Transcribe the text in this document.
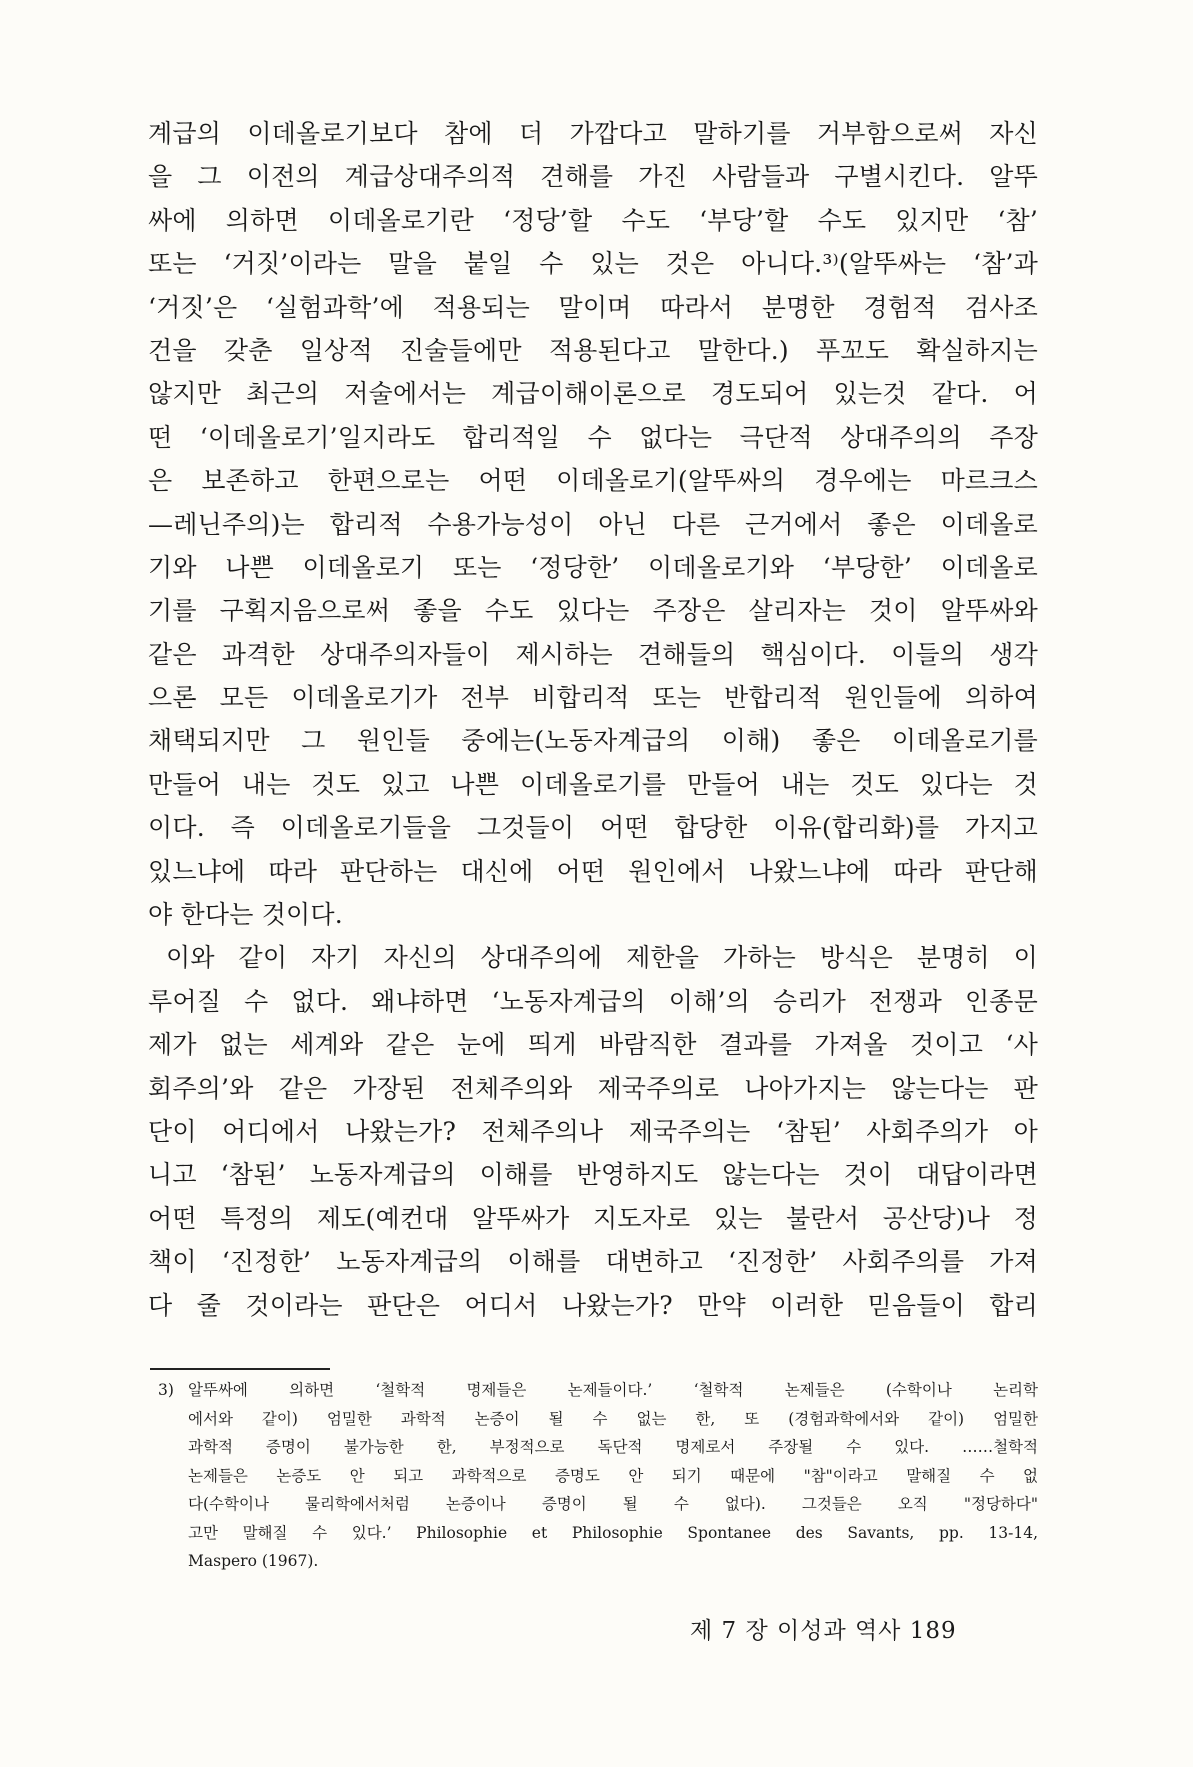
계급의 이데올로기보다 참에 더 가깝다고 말하기를 거부함으로써 자신
을 그 이전의 계급상대주의적 견해를 가진 사람들과 구별시킨다. 알뚜
싸에 의하면 이데올로기란 ‘정당’할 수도 ‘부당’할 수도 있지만 ‘참’
또는 ‘거짓’이라는 말을 붙일 수 있는 것은 아니다.³⁾(알뚜싸는 ‘참’과
‘거짓’은 ‘실험과학’에 적용되는 말이며 따라서 분명한 경험적 검사조
건을 갖춘 일상적 진술들에만 적용된다고 말한다.) 푸꼬도 확실하지는
않지만 최근의 저술에서는 계급이해이론으로 경도되어 있는것 같다. 어
떤 ‘이데올로기’일지라도 합리적일 수 없다는 극단적 상대주의의 주장
은 보존하고 한편으로는 어떤 이데올로기(알뚜싸의 경우에는 마르크스
—레닌주의)는 합리적 수용가능성이 아닌 다른 근거에서 좋은 이데올로
기와 나쁜 이데올로기 또는 ‘정당한’ 이데올로기와 ‘부당한’ 이데올로
기를 구획지음으로써 좋을 수도 있다는 주장은 살리자는 것이 알뚜싸와
같은 과격한 상대주의자들이 제시하는 견해들의 핵심이다. 이들의 생각
으론 모든 이데올로기가 전부 비합리적 또는 반합리적 원인들에 의하여
채택되지만 그 원인들 중에는(노동자계급의 이해) 좋은 이데올로기를
만들어 내는 것도 있고 나쁜 이데올로기를 만들어 내는 것도 있다는 것
이다. 즉 이데올로기들을 그것들이 어떤 합당한 이유(합리화)를 가지고
있느냐에 따라 판단하는 대신에 어떤 원인에서 나왔느냐에 따라 판단해
야 한다는 것이다.
이와 같이 자기 자신의 상대주의에 제한을 가하는 방식은 분명히 이
루어질 수 없다. 왜냐하면 ‘노동자계급의 이해’의 승리가 전쟁과 인종문
제가 없는 세계와 같은 눈에 띄게 바람직한 결과를 가져올 것이고 ‘사
회주의’와 같은 가장된 전체주의와 제국주의로 나아가지는 않는다는 판
단이 어디에서 나왔는가? 전체주의나 제국주의는 ‘참된’ 사회주의가 아
니고 ‘참된’ 노동자계급의 이해를 반영하지도 않는다는 것이 대답이라면
어떤 특정의 제도(예컨대 알뚜싸가 지도자로 있는 불란서 공산당)나 정
책이 ‘진정한’ 노동자계급의 이해를 대변하고 ‘진정한’ 사회주의를 가져
다 줄 것이라는 판단은 어디서 나왔는가? 만약 이러한 믿음들이 합리
3) 알뚜싸에 의하면 ‘철학적 명제들은 논제들이다.’ ‘철학적 논제들은 (수학이나 논리학
에서와 같이) 엄밀한 과학적 논증이 될 수 없는 한, 또 (경험과학에서와 같이) 엄밀한
과학적 증명이 불가능한 한, 부정적으로 독단적 명제로서 주장될 수 있다. ……철학적
논제들은 논증도 안 되고 과학적으로 증명도 안 되기 때문에 "참"이라고 말해질 수 없
다(수학이나 물리학에서처럼 논증이나 증명이 될 수 없다). 그것들은 오직 "정당하다"
고만 말해질 수 있다.’ Philosophie et Philosophie Spontanee des Savants, pp. 13-14,
Maspero (1967).
제 7 장 이성과 역사 189
